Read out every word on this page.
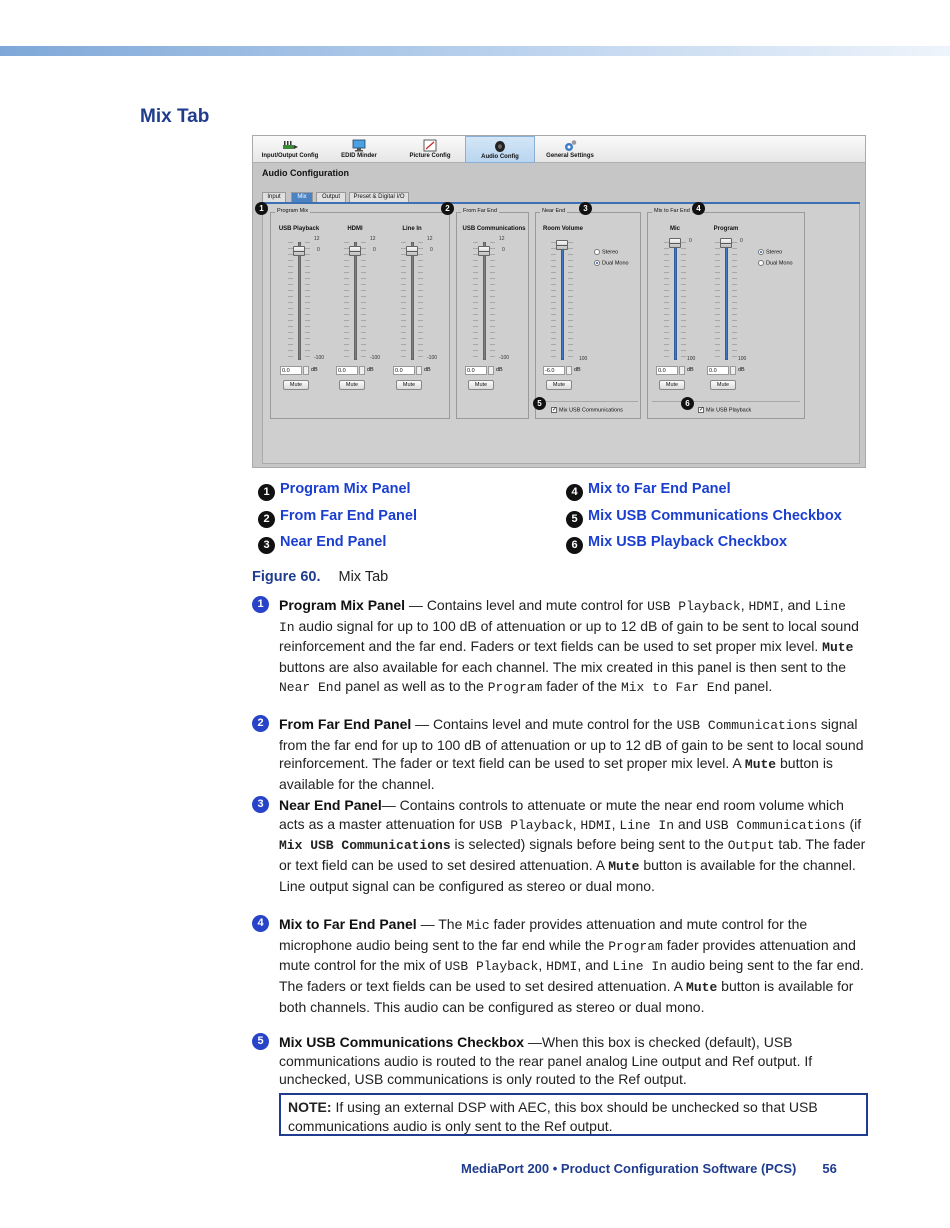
Mix Tab
Input/Output Config	EDID Minder	Picture Config	Audio Config	General Settings
Audio Configuration
Input	Mix	Output	Preset & Digital I/O
Program Mix
USB Playback
12
0
-100
0.0	dB
Mute
HDMI
12
0
-100
0.0	dB
Mute
Line In
12
0
-100
0.0	dB
Mute
From Far End
USB Communications
12
0
-100
0.0	dB
Mute
Near End
Room Volume
100
-6.0	dB
Mute
Stereo
Dual Mono
✓ Mix USB Communications
Mix to Far End
Mic
0
100
0.0	dB
Mute
Program
0
100
0.0	dB
Mute
Stereo
Dual Mono
✓ Mix USB Playback
1	2	3	4
5	6
1 Program Mix Panel
2 From Far End Panel
3 Near End Panel
4 Mix to Far End Panel
5 Mix USB Communications Checkbox
6 Mix USB Playback Checkbox
Figure 60. Mix Tab
1	Program Mix Panel — Contains level and mute control for USB Playback, HDMI, and Line In audio signal for up to 100 dB of attenuation or up to 12 dB of gain to be sent to local sound reinforcement and the far end. Faders or text fields can be used to set proper mix level. Mute buttons are also available for each channel. The mix created in this panel is then sent to the Near End panel as well as to the Program fader of the Mix to Far End panel.
2	From Far End Panel — Contains level and mute control for the USB Communications signal from the far end for up to 100 dB of attenuation or up to 12 dB of gain to be sent to local sound reinforcement. The fader or text field can be used to set proper mix level. A Mute button is available for the channel.
3	Near End Panel— Contains controls to attenuate or mute the near end room volume which acts as a master attenuation for USB Playback, HDMI, Line In and USB Communications (if Mix USB Communications is selected) signals before being sent to the Output tab. The fader or text field can be used to set desired attenuation. A Mute button is available for the channel. Line output signal can be configured as stereo or dual mono.
4	Mix to Far End Panel — The Mic fader provides attenuation and mute control for the microphone audio being sent to the far end while the Program fader provides attenuation and mute control for the mix of USB Playback, HDMI, and Line In audio being sent to the far end. The faders or text fields can be used to set desired attenuation. A Mute button is available for both channels. This audio can be configured as stereo or dual mono.
5	Mix USB Communications Checkbox —When this box is checked (default), USB communications audio is routed to the rear panel analog Line output and Ref output. If unchecked, USB communications is only routed to the Ref output.
NOTE: If using an external DSP with AEC, this box should be unchecked so that USB communications audio is only sent to the Ref output.
MediaPort 200 • Product Configuration Software (PCS) 56
